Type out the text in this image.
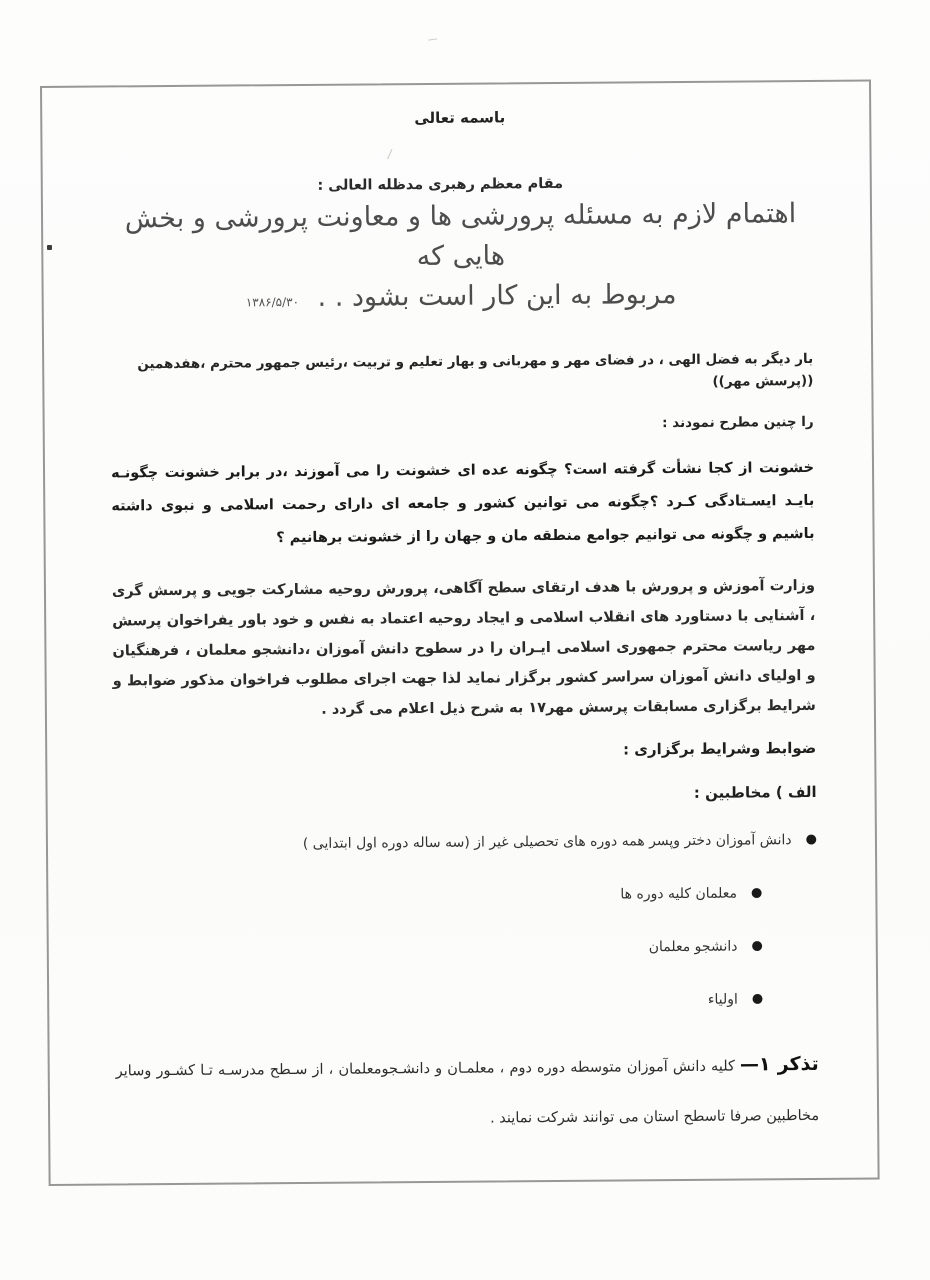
باسمه تعالی
مقام معظم رهبری مدظله العالی :
اهتمام لازم به مسئله پرورشی ها و معاونت پرورشی و بخش هایی که
مربوط به این کار است بشود . . ۱۳۸۶/۵/۳۰
بار دیگر به فضل الهی ، در فضای مهر و مهربانی و بهار تعلیم و تربیت ،رئیس جمهور محترم ،هفدهمین ((پرسش مهر))
را چنین مطرح نمودند :
خشونت از کجا نشأت گرفته است؟ چگونه عده ای خشونت را می آموزند ،در برابر خشونت چگونـه بایـد ایسـتادگی کـرد ؟چگونه می توانین کشور و جامعه ای دارای رحمت اسلامی و نبوی داشته باشیم و چگونه می توانیم جوامع منطقه مان و جهان را از خشونت برهانیم ؟
وزارت آموزش و پرورش با هدف ارتقای سطح آگاهی، پرورش روحیه مشارکت جویی و پرسش گری ، آشنایی با دستاورد های انقلاب اسلامی و ایجاد روحیه اعتماد به نفس و خود باور یفراخوان پرسش مهر ریاست محترم جمهوری اسلامی ایـران را در سطوح دانش آموزان ،دانشجو معلمان ، فرهنگیان و اولیای دانش آموزان سراسر کشور برگزار نماید لذا جهت اجرای مطلوب فراخوان مذکور ضوابط و شرایط برگزاری مسابقات پرسش مهر۱۷ به شرح ذیل اعلام می گردد .
ضوابط وشرایط برگزاری :
الف ) مخاطبین :
●
دانش آموزان دختر وپسر همه دوره های تحصیلی غیر از (سه ساله دوره اول ابتدایی )
●
معلمان کلیه دوره ها
●
دانشجو معلمان
●
اولیاء
تذکر ۱— کلیه دانش آموزان متوسطه دوره دوم ، معلمـان و دانشـجومعلمان ، از سـطح مدرسـه تـا کشـور وسایر مخاطبین صرفا تاسطح استان می توانند شرکت نمایند .
